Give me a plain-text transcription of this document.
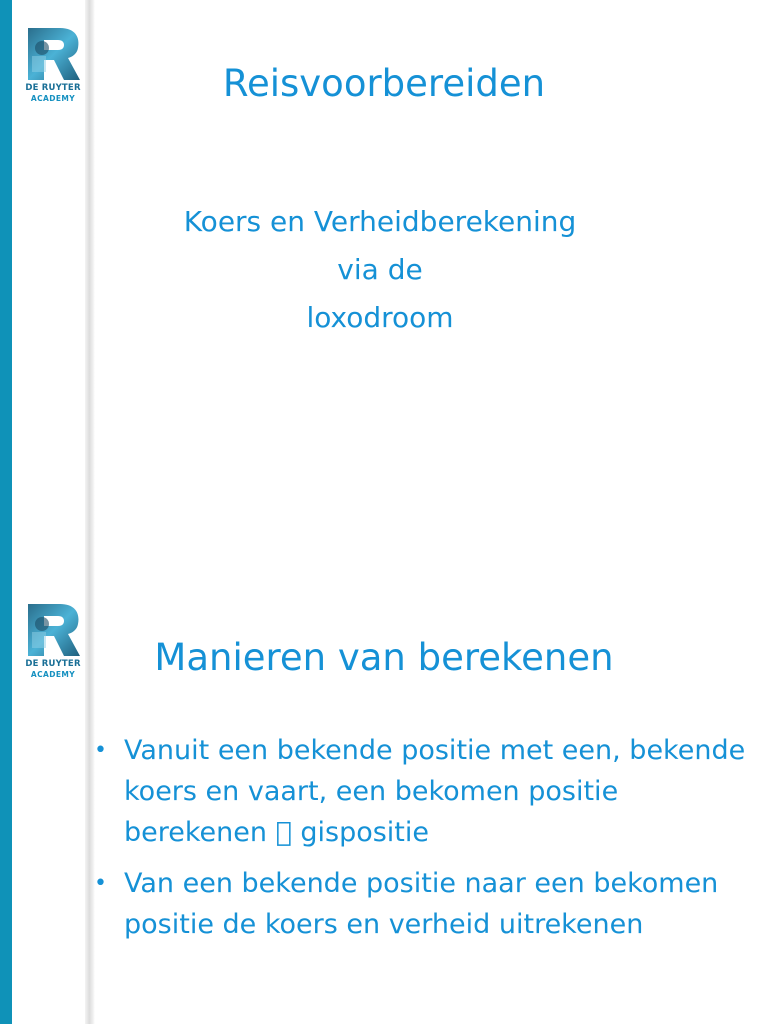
DE RUYTER
ACADEMY	Reisvoorbereiden
Koers en Verheidberekening
via de
loxodroom
DE RUYTER
ACADEMY	Manieren van berekenen
• Vanuit een bekende positie met een, bekende koers en vaart, een bekomen positie berekenen gispositie
• Van een bekende positie naar een bekomen positie de koers en verheid uitrekenen
